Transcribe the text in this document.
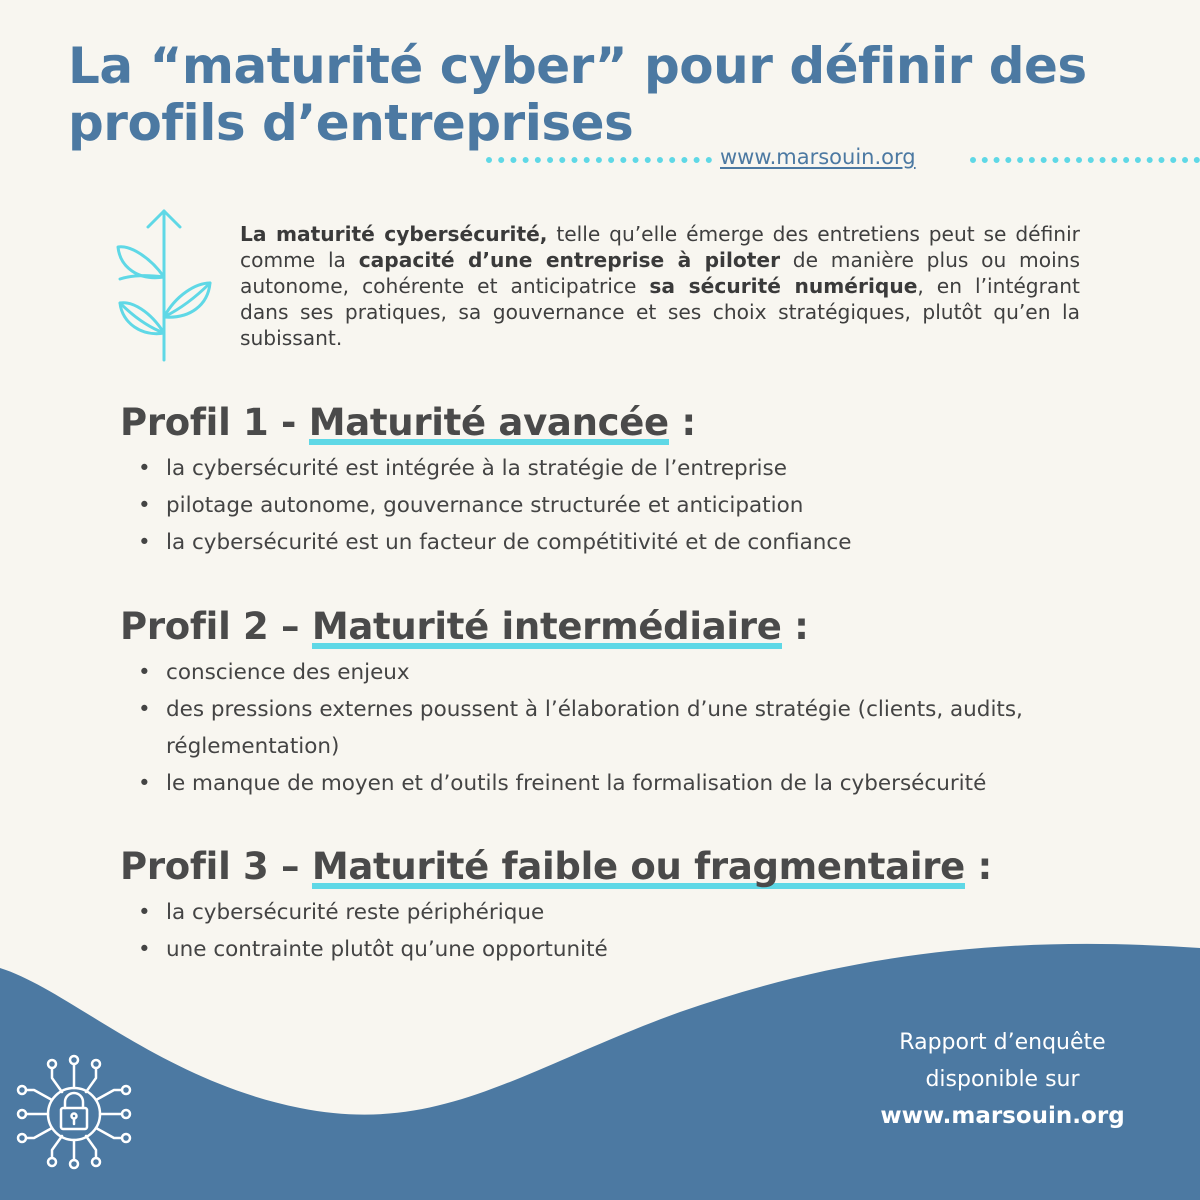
La “maturité cyber” pour définir des
profils d’entreprises
www.marsouin.org

La maturité cybersécurité, telle qu’elle émerge des entretiens peut se définir comme la capacité d’une entreprise à piloter de manière plus ou moins autonome, cohérente et anticipatrice sa sécurité numérique, en l’intégrant dans ses pratiques, sa gouvernance et ses choix stratégiques, plutôt qu’en la subissant.

Profil 1 - Maturité avancée :
• la cybersécurité est intégrée à la stratégie de l’entreprise
• pilotage autonome, gouvernance structurée et anticipation
• la cybersécurité est un facteur de compétitivité et de confiance
Profil 2 – Maturité intermédiaire :
• conscience des enjeux
• des pressions externes poussent à l’élaboration d’une stratégie (clients, audits, réglementation)
• le manque de moyen et d’outils freinent la formalisation de la cybersécurité
Profil 3 – Maturité faible ou fragmentaire :
• la cybersécurité reste périphérique
• une contrainte plutôt qu’une opportunité
Rapport d’enquête
disponible sur
www.marsouin.org
